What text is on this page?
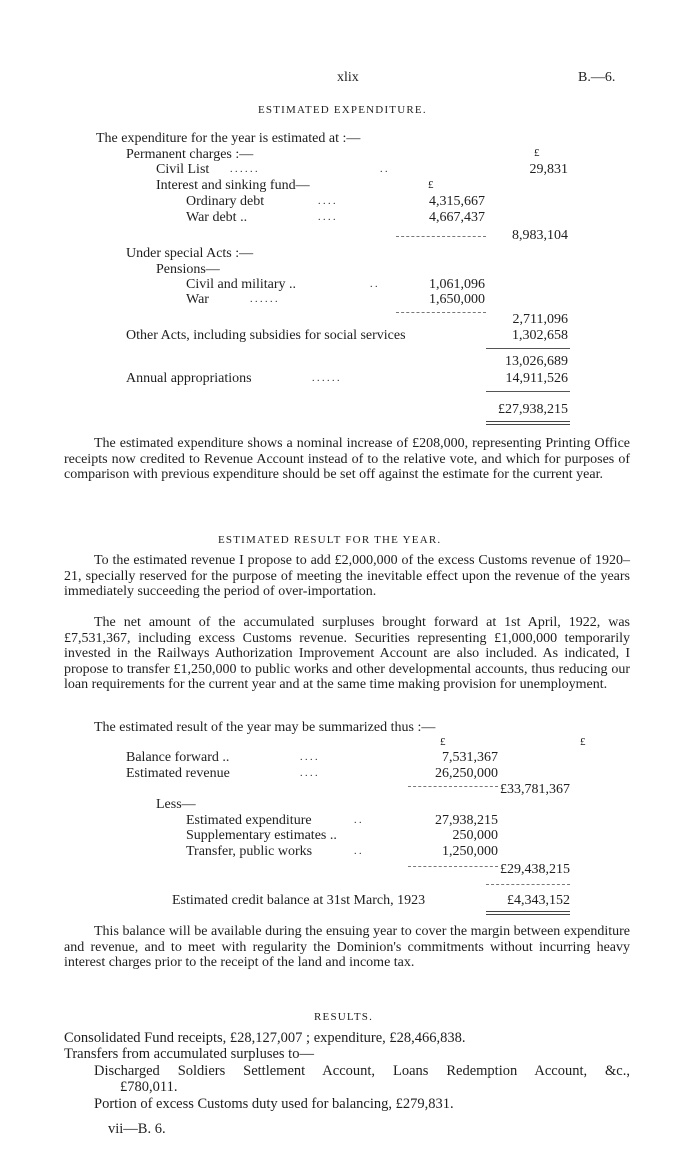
xlix	B.—6.
ESTIMATED EXPENDITURE.
The expenditure for the year is estimated at :—
£
Permanent charges :—
Civil List . . . . . .	. .	29,831
Interest and sinking fund—	£
Ordinary debt	. . . .	4,315,667
War debt ..	. . . .	4,667,437
8,983,104
Under special Acts :—
Pensions—
Civil and military ..	. .	1,061,096
War	. . . . . .	1,650,000
2,711,096
Other Acts, including subsidies for social services	1,302,658
13,026,689
Annual appropriations	. . . . . .	14,911,526
£27,938,215
The estimated expenditure shows a nominal increase of £208,000, representing Printing Office receipts now credited to Revenue Account instead of to the relative vote, and which for purposes of comparison with previous expenditure should be set off against the estimate for the current year.
ESTIMATED RESULT FOR THE YEAR.
To the estimated revenue I propose to add £2,000,000 of the excess Customs revenue of 1920–21, specially reserved for the purpose of meeting the inevitable effect upon the revenue of the years immediately succeeding the period of over-importation.
The net amount of the accumulated surpluses brought forward at 1st April, 1922, was £7,531,367, including excess Customs revenue. Securities representing £1,000,000 temporarily invested in the Railways Authorization Improvement Account are also included. As indicated, I propose to transfer £1,250,000 to public works and other developmental accounts, thus reducing our loan requirements for the current year and at the same time making provision for unemployment.
The estimated result of the year may be summarized thus :—
£	£
Balance forward ..	. . . .	7,531,367
Estimated revenue	. . . .	26,250,000
£33,781,367
Less—
Estimated expenditure	. .	27,938,215
Supplementary estimates ..	250,000
Transfer, public works	. .	1,250,000
£29,438,215
Estimated credit balance at 31st March, 1923	£4,343,152
This balance will be available during the ensuing year to cover the margin between expenditure and revenue, and to meet with regularity the Dominion's commitments without incurring heavy interest charges prior to the receipt of the land and income tax.
RESULTS.
Consolidated Fund receipts, £28,127,007 ; expenditure, £28,466,838.
Transfers from accumulated surpluses to—
Discharged Soldiers Settlement Account, Loans Redemption Account, &c.,
£780,011.
Portion of excess Customs duty used for balancing, £279,831.
vii—B. 6.
